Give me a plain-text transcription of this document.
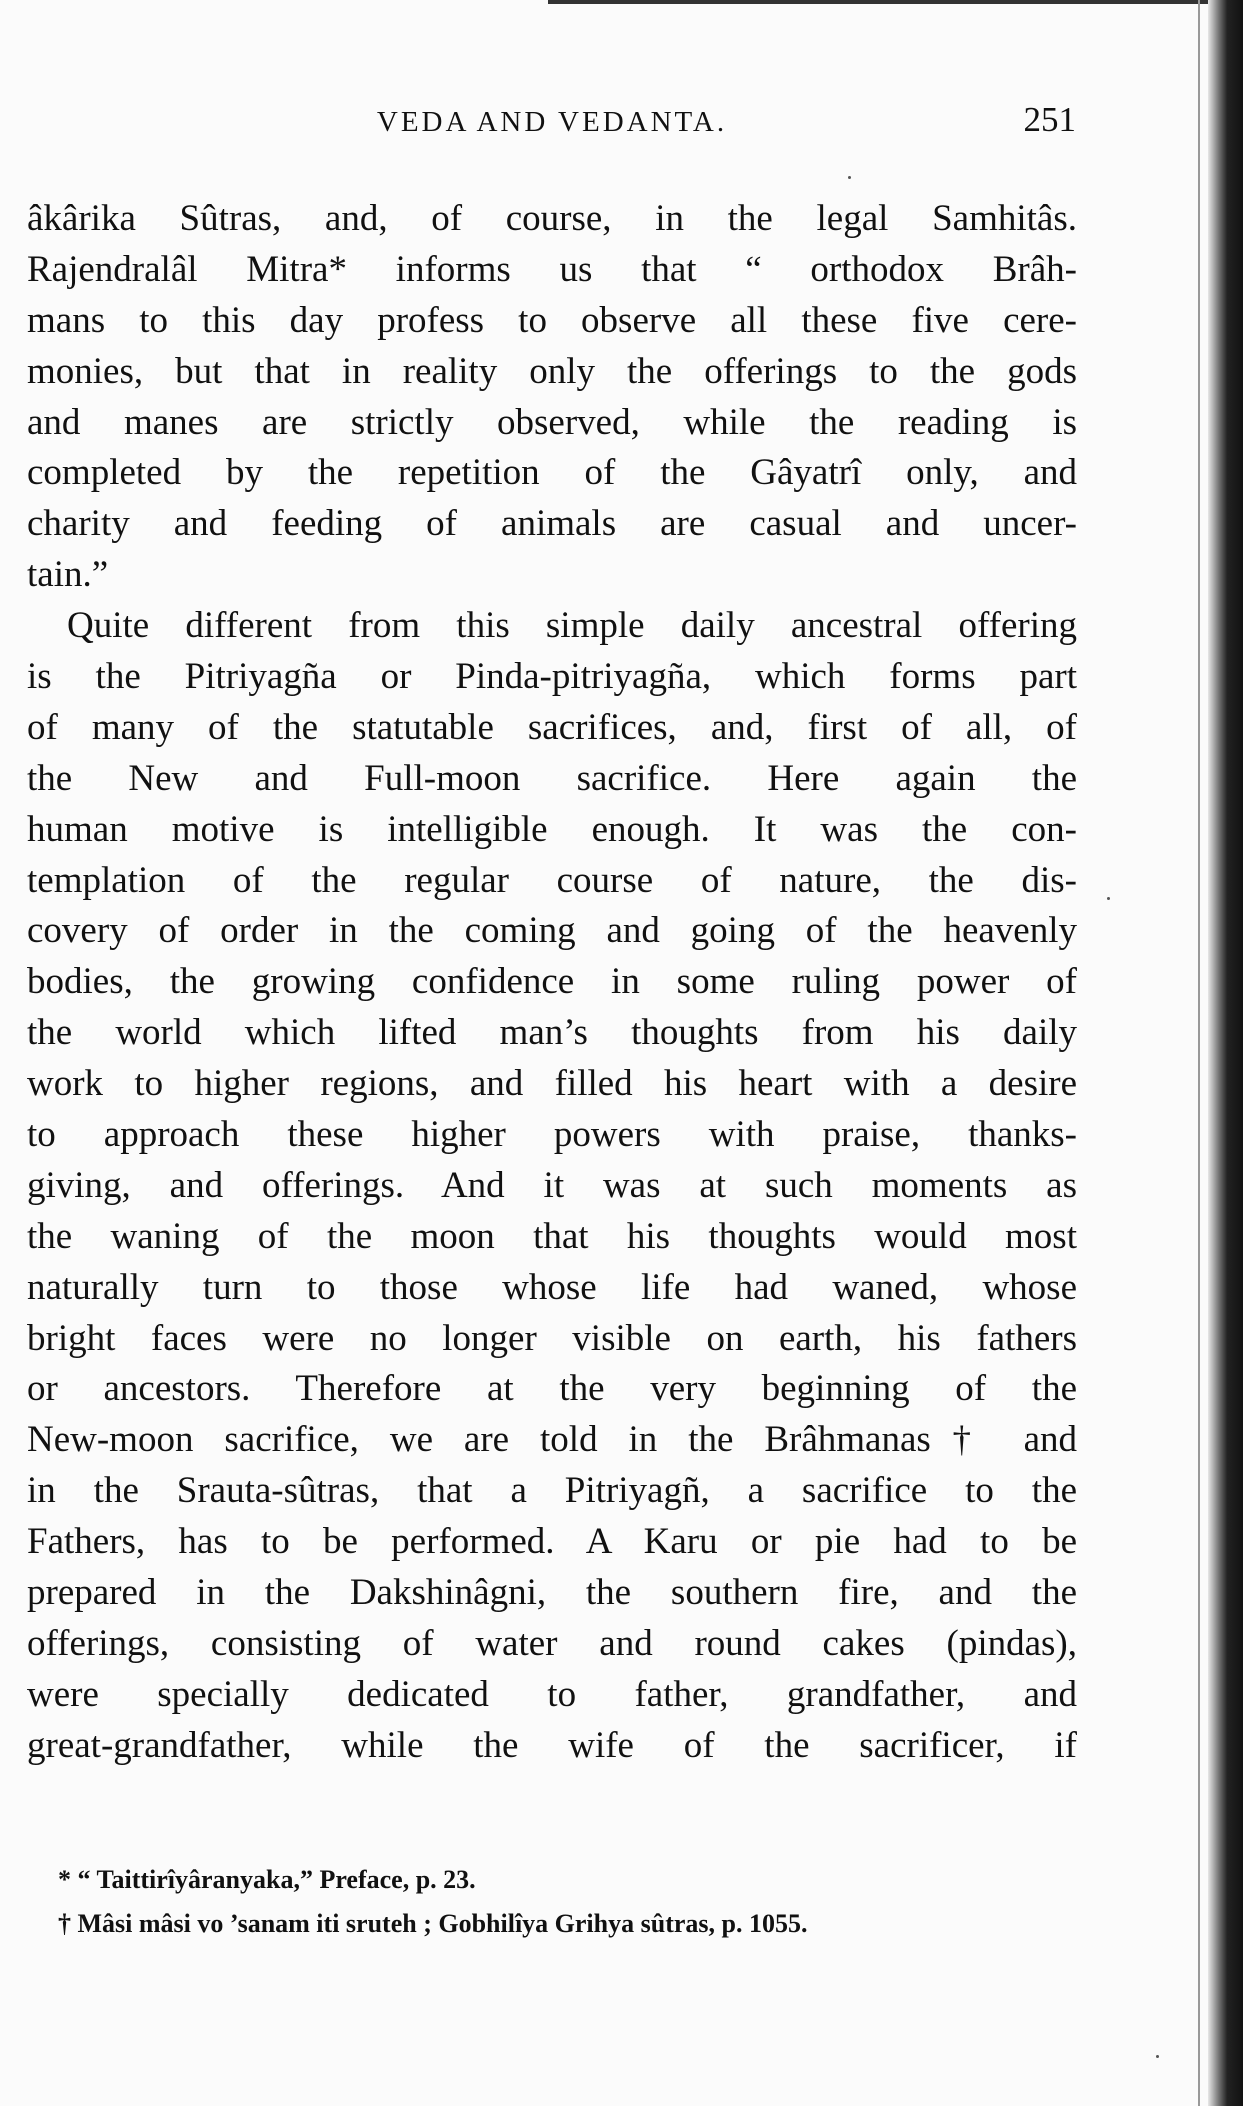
VEDA AND VEDANTA.	251
âkârika Sûtras, and, of course, in the legal Samhitâs.
Rajendralâl Mitra* informs us that “ orthodox Brâh-
mans to this day profess to observe all these five cere-
monies, but that in reality only the offerings to the gods
and manes are strictly observed, while the reading is
completed by the repetition of the Gâyatrî only, and
charity and feeding of animals are casual and uncer-
tain.”
Quite different from this simple daily ancestral offering
is the Pitriyagña or Pinda-pitriyagña, which forms part
of many of the statutable sacrifices, and, first of all, of
the New and Full-moon sacrifice. Here again the
human motive is intelligible enough. It was the con-
templation of the regular course of nature, the dis-
covery of order in the coming and going of the heavenly
bodies, the growing confidence in some ruling power of
the world which lifted man’s thoughts from his daily
work to higher regions, and filled his heart with a desire
to approach these higher powers with praise, thanks-
giving, and offerings. And it was at such moments as
the waning of the moon that his thoughts would most
naturally turn to those whose life had waned, whose
bright faces were no longer visible on earth, his fathers
or ancestors. Therefore at the very beginning of the
New-moon sacrifice, we are told in the Brâhmanas† and
in the Srauta-sûtras, that a Pitriyagñ, a sacrifice to the
Fathers, has to be performed. A Karu or pie had to be
prepared in the Dakshinâgni, the southern fire, and the
offerings, consisting of water and round cakes (pindas),
were specially dedicated to father, grandfather, and
great-grandfather, while the wife of the sacrificer, if
* “ Taittirîyâranyaka,” Preface, p. 23.
† Mâsi mâsi vo ’sanam iti sruteh ; Gobhilîya Grihya sûtras, p. 1055.
